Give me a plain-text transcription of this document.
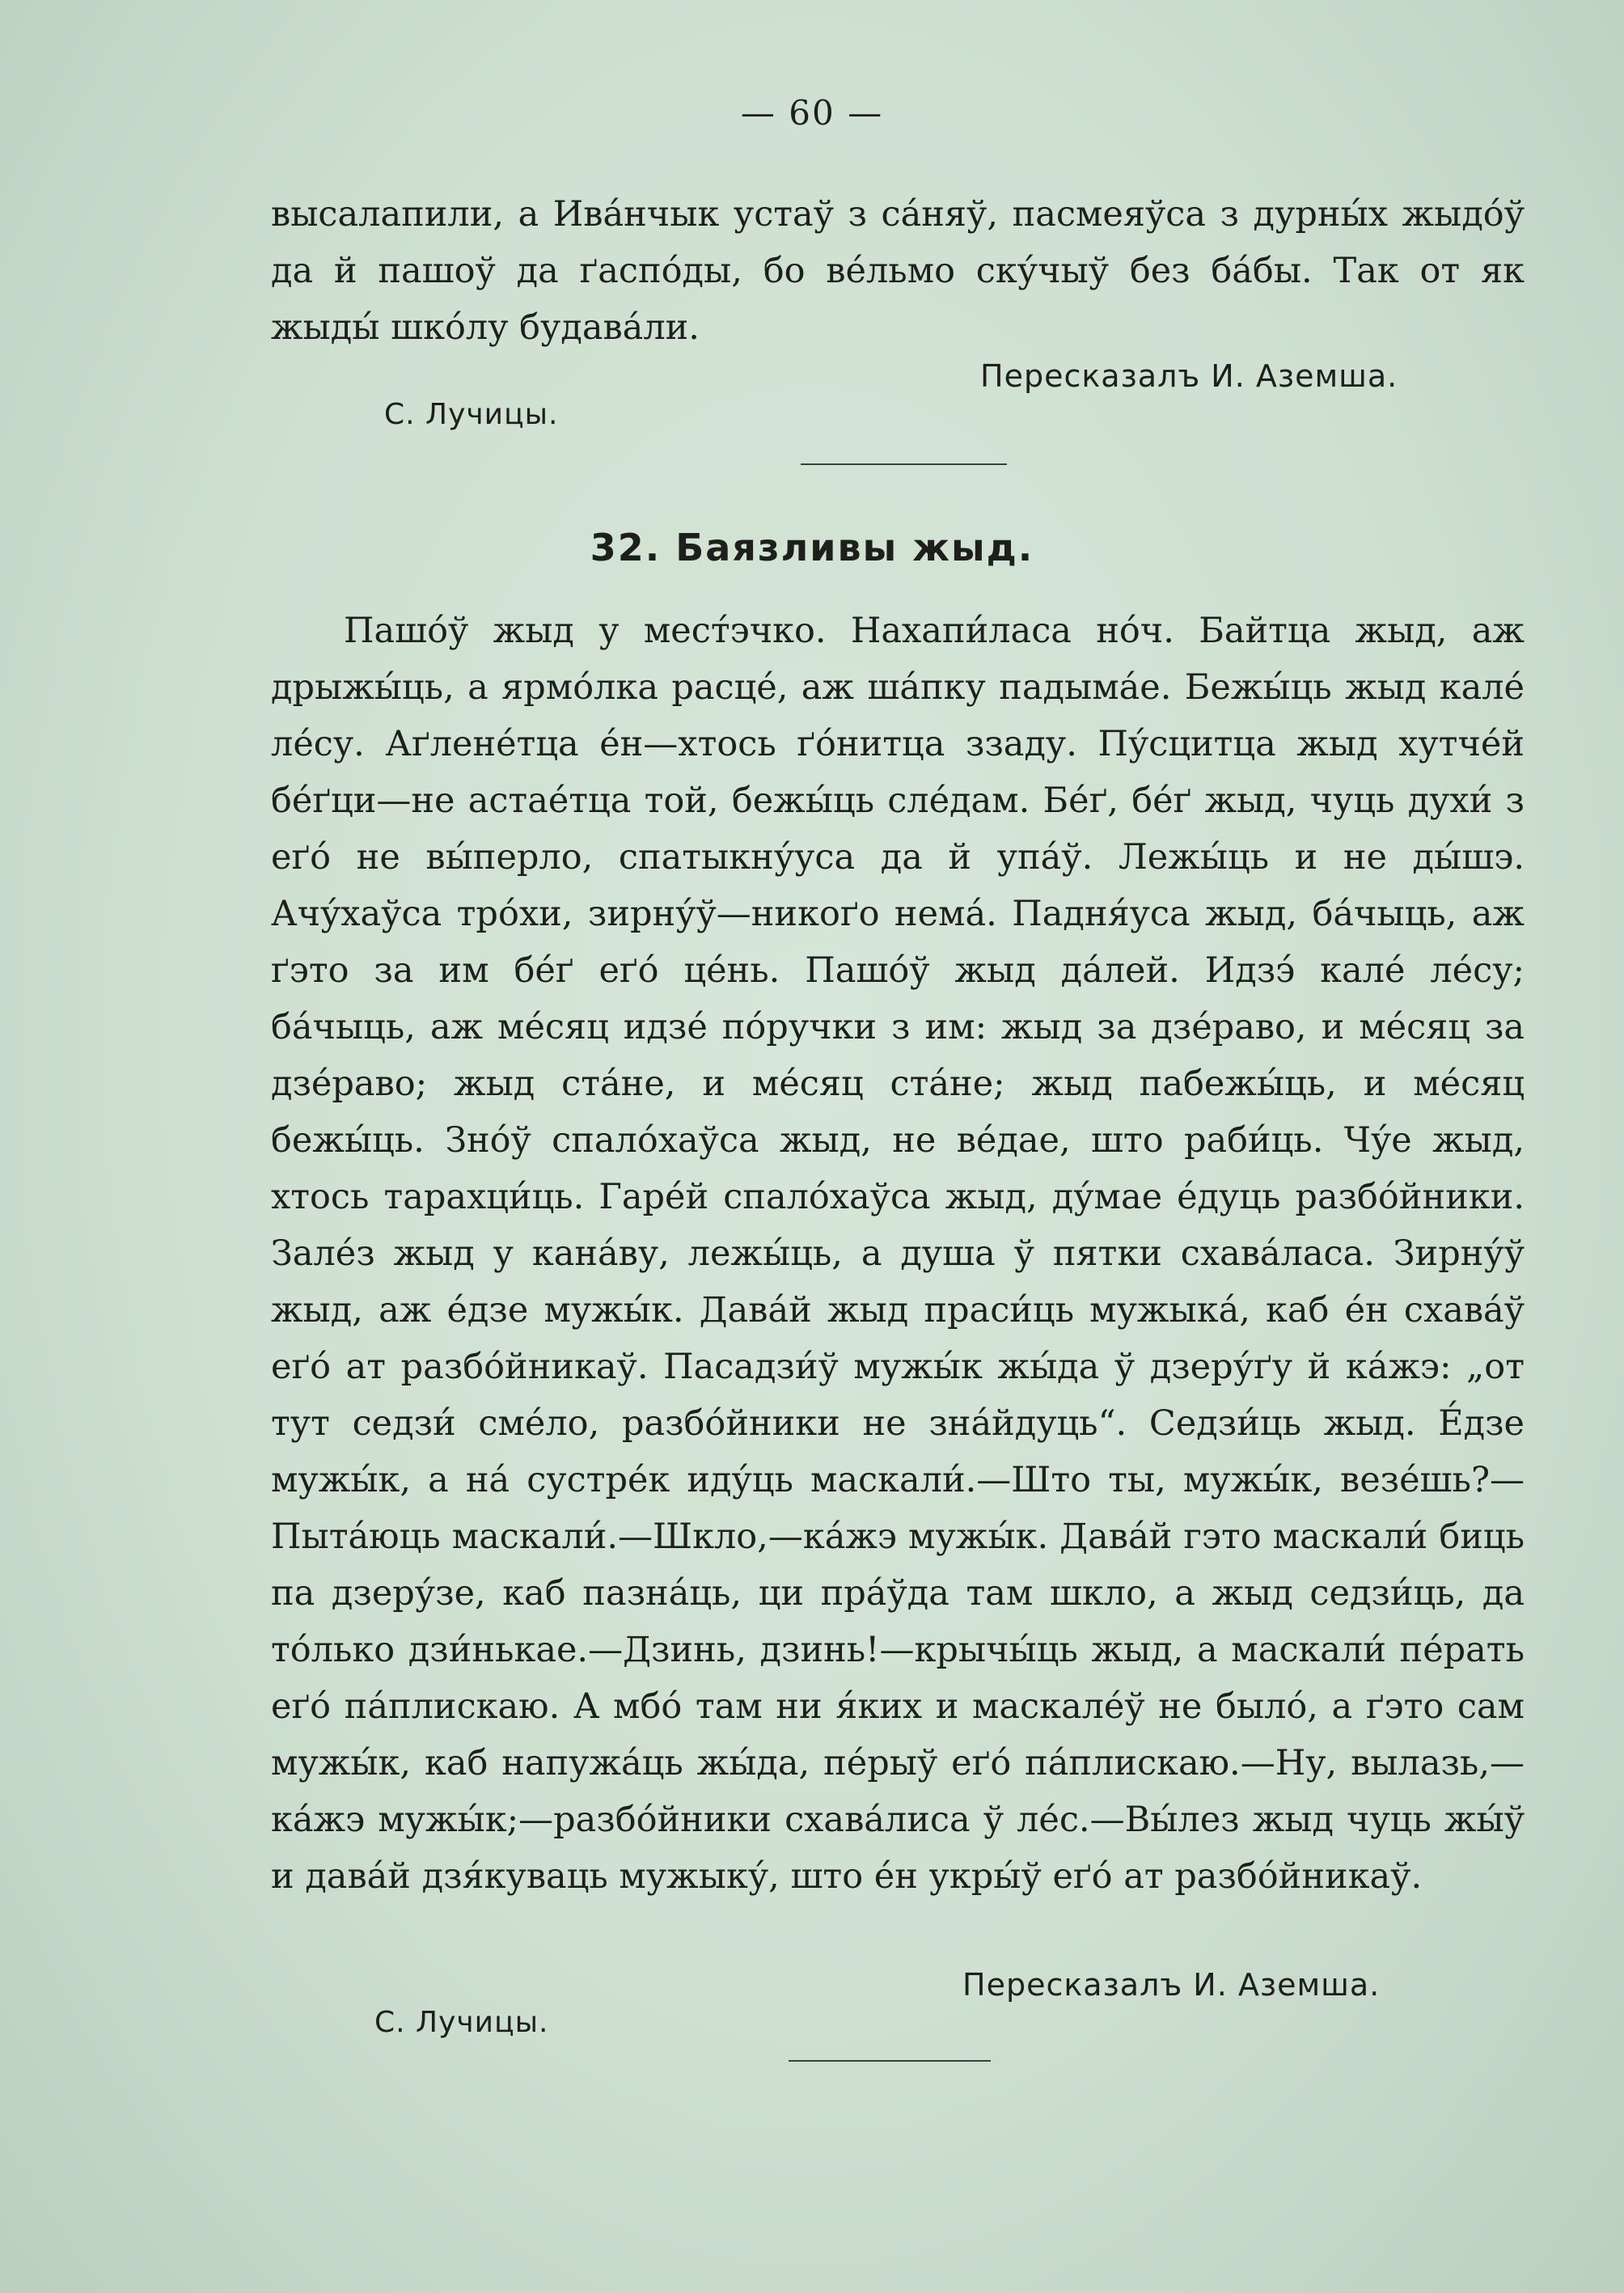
— 60 —

высалапили, а Ива́нчык устаў з са́няў, пасмеяўса з дурны́х жыдо́ў да й пашоў да ґаспо́ды, бо ве́льмо ску́чыў без ба́бы. Так от як жыды́ шко́лу будава́ли.

Пересказалъ И. Аземша.
С. Лучицы.
32. Баязливы жыд.

Пашо́ў жыд у мест́эчко. Нахапи́ласа но́ч. Байтца жыд, аж дрыжы́ць, а ярмо́лка расце́, аж ша́пку падыма́е. Бежы́ць жыд кале́ ле́су. Аґлене́тца е́н—хтось ґо́нитца ззаду. Пу́сцитца жыд хутче́й бе́ґци—не астае́тца той, бежы́ць сле́дам. Бе́ґ, бе́ґ жыд, чуць духи́ з еґо́ не вы́перло, спатыкну́уса да й упа́ў. Лежы́ць и не ды́шэ. Ачу́хаўса тро́хи, зирну́ў—никоґо нема́. Падня́уса жыд, ба́чыць, аж ґэто за им бе́ґ еґо́ це́нь. Пашо́ў жыд да́лей. Идзэ́ кале́ ле́су; ба́чыць, аж ме́сяц идзе́ по́ручки з им: жыд за дзе́раво, и ме́сяц за дзе́раво; жыд ста́не, и ме́сяц ста́не; жыд пабежы́ць, и ме́сяц бежы́ць. Зно́ў спало́хаўса жыд, не ве́дае, што раби́ць. Чу́е жыд, хтось тарахци́ць. Гаре́й спало́хаўса жыд, ду́мае е́дуць разбо́йники. Зале́з жыд у кана́ву, лежы́ць, а душа ў пятки схава́ласа. Зирну́ў жыд, аж е́дзе мужы́к. Дава́й жыд праси́ць мужыка́, каб е́н схава́ў еґо́ ат разбо́йникаў. Пасадзи́ў мужы́к жы́да ў дзеру́ґу й ка́жэ: „от тут седзи́ сме́ло, разбо́йники не зна́йдуць“. Седзи́ць жыд. Е́дзе мужы́к, а на́ сустре́к иду́ць маскали́.—Што ты, мужы́к, везе́шь?— Пыта́юць маскали́.—Шкло,—ка́жэ мужы́к. Дава́й гэто маскали́ биць па дзеру́зе, каб пазна́ць, ци пра́ўда там шкло, а жыд седзи́ць, да то́лько дзи́нькае.—Дзинь, дзинь!—крычы́ць жыд, а маскали́ пе́рать еґо́ па́плискаю. А мбо́ там ни я́ких и маскале́ў не было́, а ґэто сам мужы́к, каб напужа́ць жы́да, пе́рыў еґо́ па́плискаю.—Ну, вылазь,— ка́жэ мужы́к;—разбо́йники схава́лиса ў ле́с.—Вы́лез жыд чуць жы́ў и дава́й дзя́куваць мужыку́, што е́н укры́ў еґо́ ат разбо́йникаў.

Пересказалъ И. Аземша.
С. Лучицы.
